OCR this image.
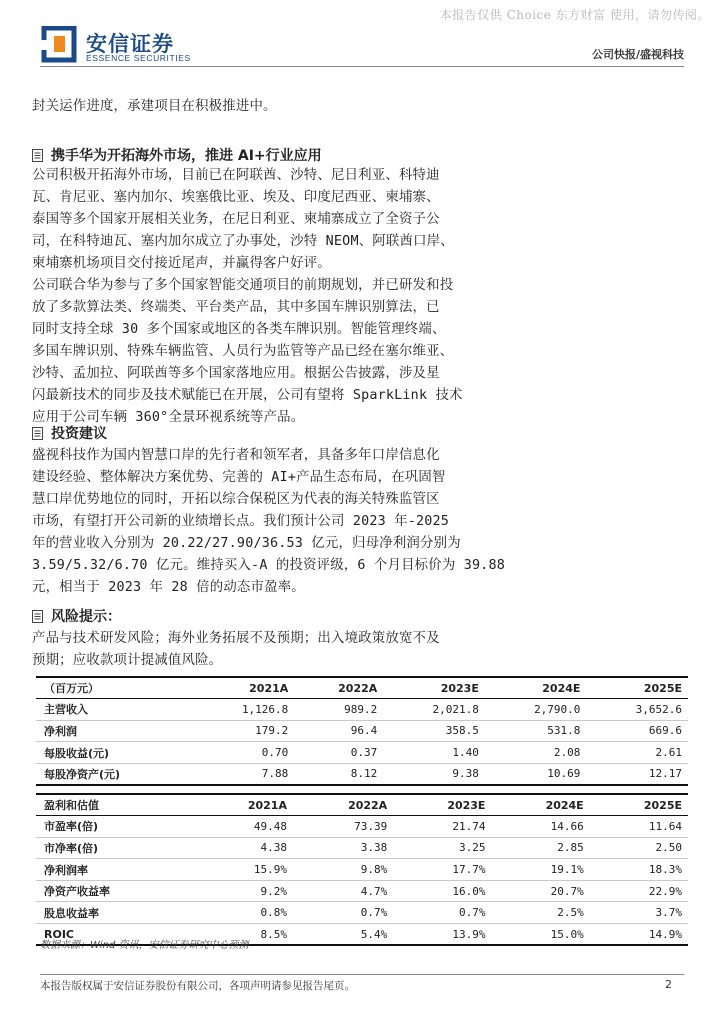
本报告仅供 Choice 东方财富 使用，请勿传阅。
安信证券
ESSENCE SECURITIES	公司快报/盛视科技
封关运作进度，承建项目在积极推进中。
携手华为开拓海外市场，推进 AI+行业应用
公司积极开拓海外市场，目前已在阿联酋、沙特、尼日利亚、科特迪
瓦、肯尼亚、塞内加尔、埃塞俄比亚、埃及、印度尼西亚、柬埔寨、
泰国等多个国家开展相关业务，在尼日利亚、柬埔寨成立了全资子公
司，在科特迪瓦、塞内加尔成立了办事处，沙特 NEOM、阿联酋口岸、
柬埔寨机场项目交付接近尾声，并赢得客户好评。
公司联合华为参与了多个国家智能交通项目的前期规划，并已研发和投
放了多款算法类、终端类、平台类产品，其中多国车牌识别算法，已
同时支持全球 30 多个国家或地区的各类车牌识别。智能管理终端、
多国车牌识别、特殊车辆监管、人员行为监管等产品已经在塞尔维亚、
沙特、孟加拉、阿联酋等多个国家落地应用。根据公告披露，涉及星
闪最新技术的同步及技术赋能已在开展，公司有望将 SparkLink 技术
应用于公司车辆 360°全景环视系统等产品。
投资建议
盛视科技作为国内智慧口岸的先行者和领军者，具备多年口岸信息化
建设经验、整体解决方案优势、完善的 AI+产品生态布局，在巩固智
慧口岸优势地位的同时，开拓以综合保税区为代表的海关特殊监管区
市场，有望打开公司新的业绩增长点。我们预计公司 2023 年-2025
年的营业收入分别为 20.22/27.90/36.53 亿元，归母净利润分别为
3.59/5.32/6.70 亿元。维持买入-A 的投资评级，6 个月目标价为 39.88
元，相当于 2023 年 28 倍的动态市盈率。
风险提示：
产品与技术研发风险；海外业务拓展不及预期；出入境政策放宽不及
预期；应收款项计提减值风险。
（百万元）	2021A	2022A	2023E	2024E	2025E
主营收入	1,126.8	989.2	2,021.8	2,790.0	3,652.6
净利润	179.2	96.4	358.5	531.8	669.6
每股收益(元)	0.70	0.37	1.40	2.08	2.61
每股净资产(元)	7.88	8.12	9.38	10.69	12.17
盈利和估值	2021A	2022A	2023E	2024E	2025E
市盈率(倍)	49.48	73.39	21.74	14.66	11.64
市净率(倍)	4.38	3.38	3.25	2.85	2.50
净利润率	15.9%	9.8%	17.7%	19.1%	18.3%
净资产收益率	9.2%	4.7%	16.0%	20.7%	22.9%
股息收益率	0.8%	0.7%	0.7%	2.5%	3.7%
ROIC	8.5%	5.4%	13.9%	15.0%	14.9%
数据来源：Wind 资讯，安信证券研究中心预测
本报告版权属于安信证券股份有限公司，各项声明请参见报告尾页。	2
